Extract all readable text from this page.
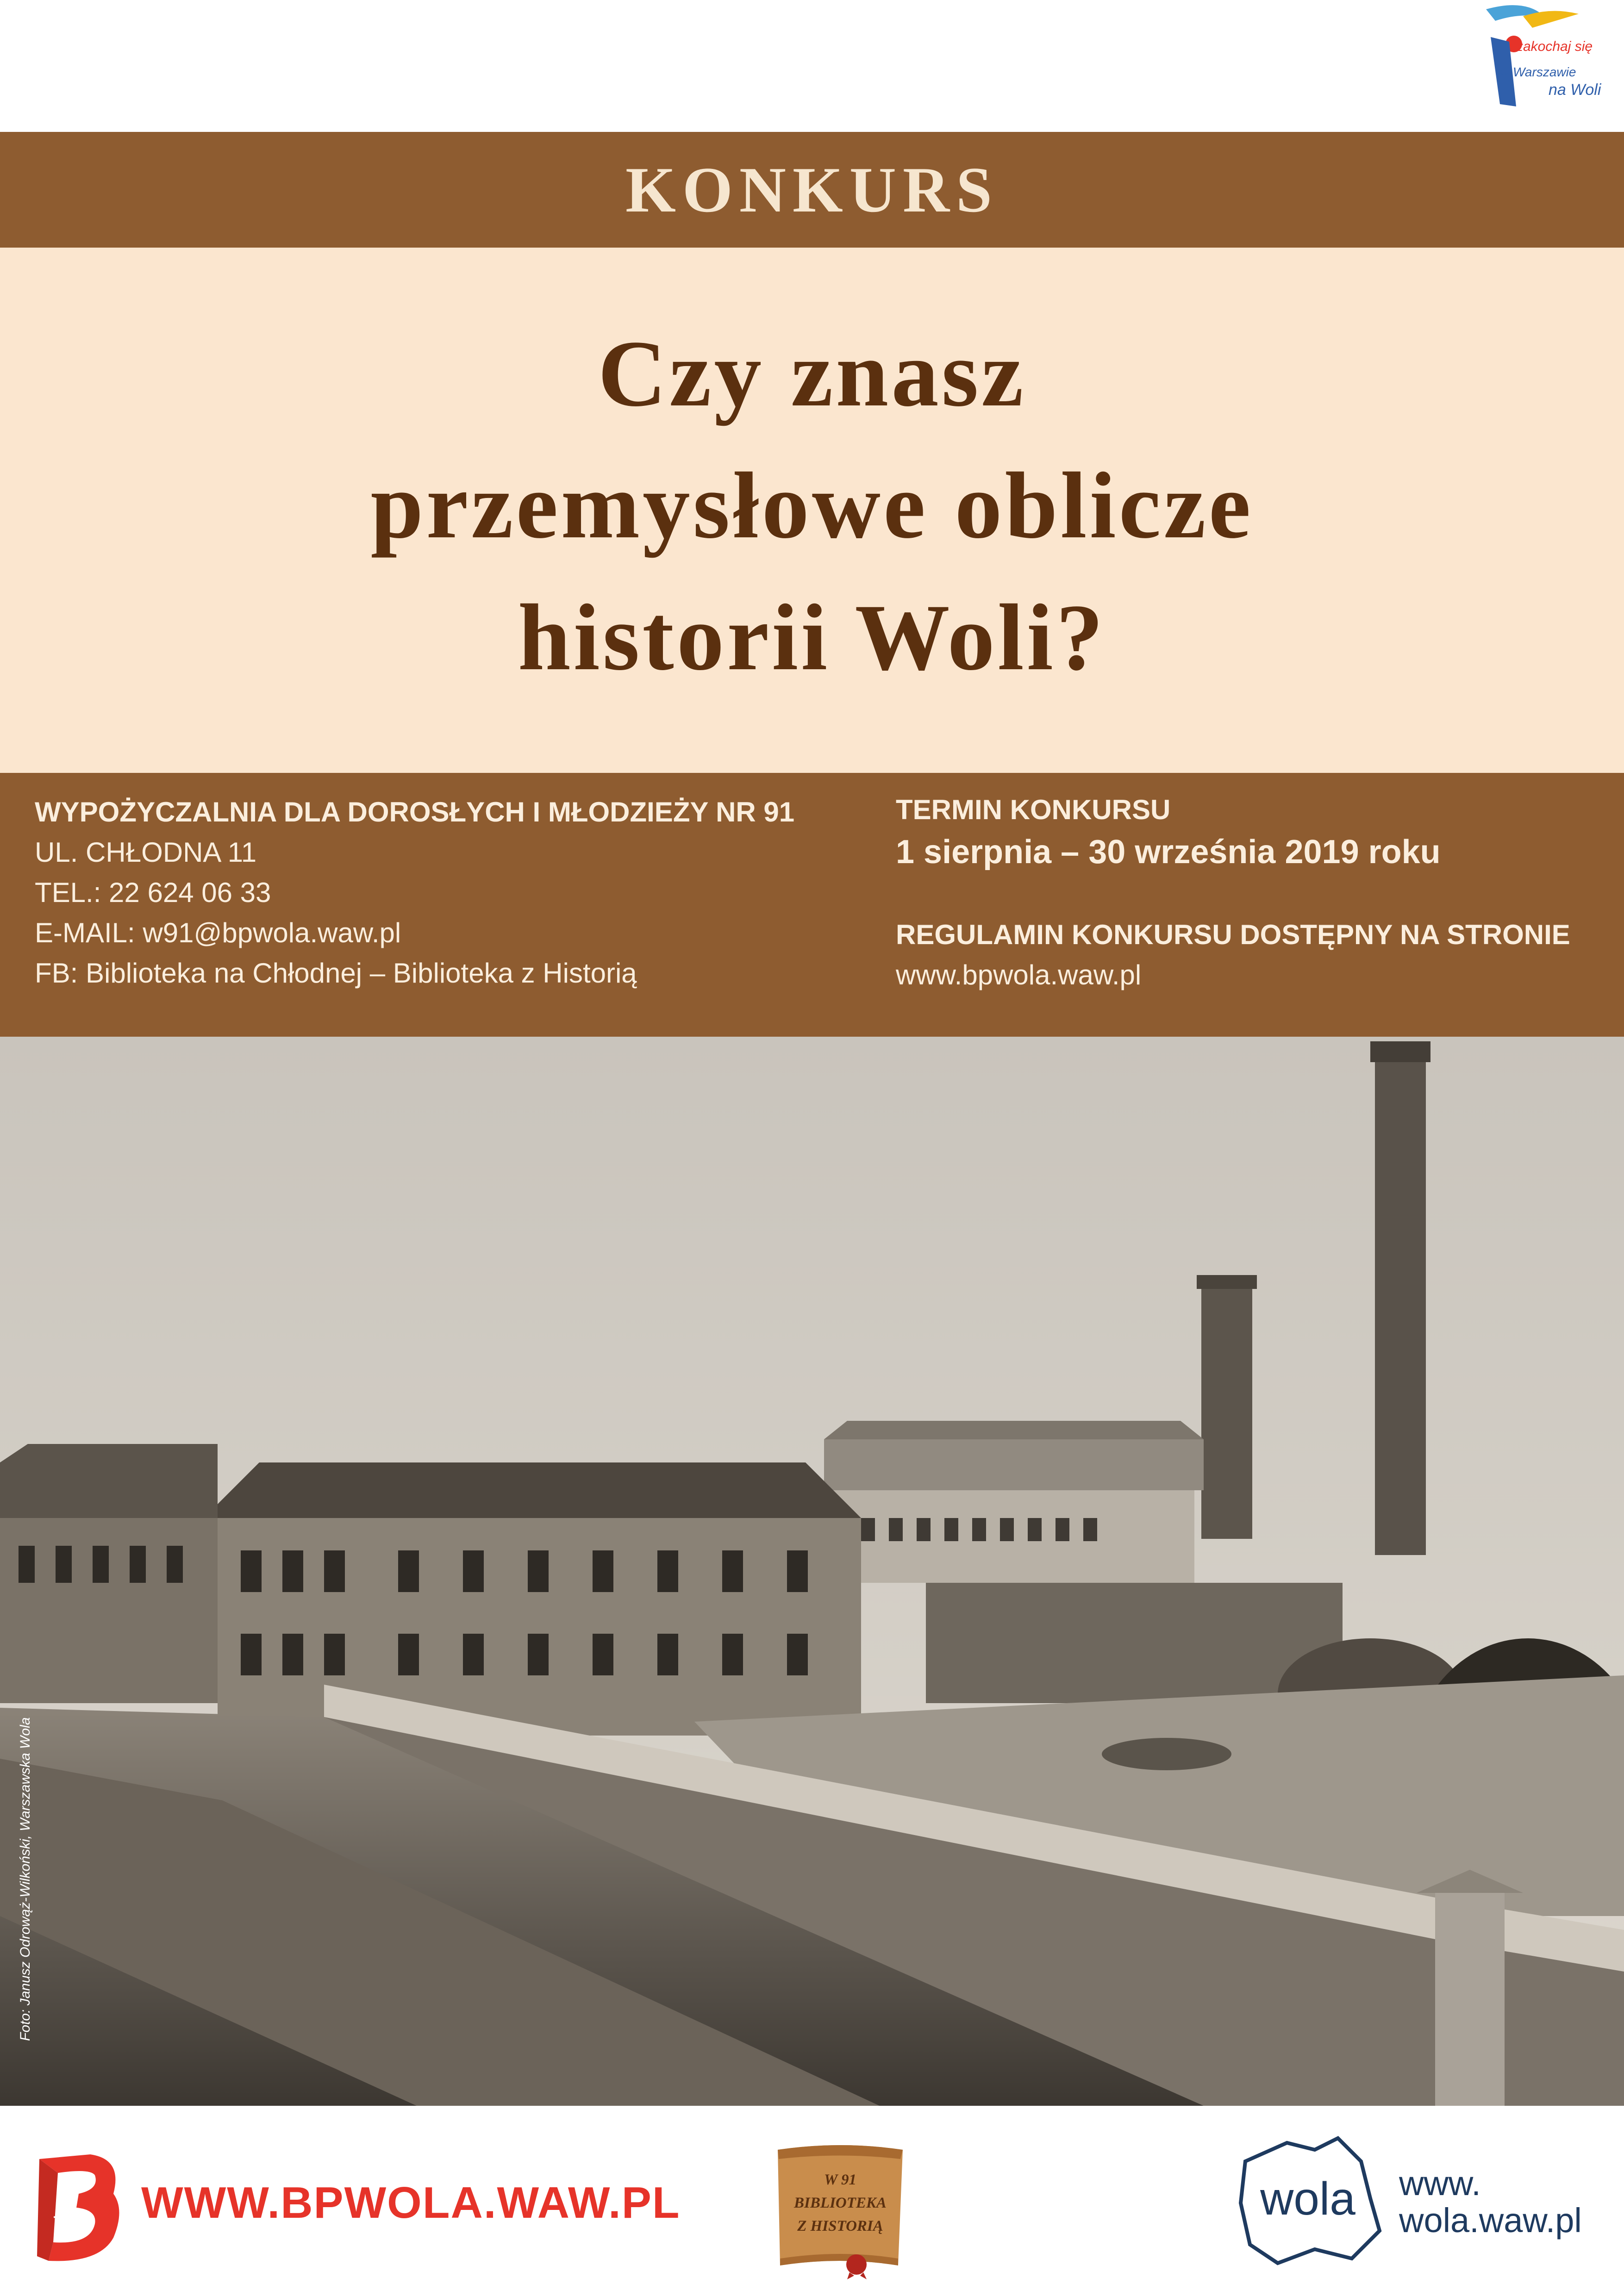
zakochaj się
w Warszawie
na Woli
KONKURS
Czy znasz
przemysłowe oblicze
historii Woli?
WYPOŻYCZALNIA DLA DOROSŁYCH I MŁODZIEŻY NR 91
UL. CHŁODNA 11
TEL.: 22 624 06 33
E-MAIL: w91@bpwola.waw.pl
FB: Biblioteka na Chłodnej – Biblioteka z Historią
TERMIN KONKURSU
1 sierpnia – 30 września 2019 roku
REGULAMIN KONKURSU DOSTĘPNY NA STRONIE
www.bpwola.waw.pl
Foto: Janusz Odrowąż-Wilkoński, Warszawska Wola
bp WWW.BPWOLA.WAW.PL	W 91
BIBLIOTEKA
Z HISTORIĄ
wola www.
wola.waw.pl
